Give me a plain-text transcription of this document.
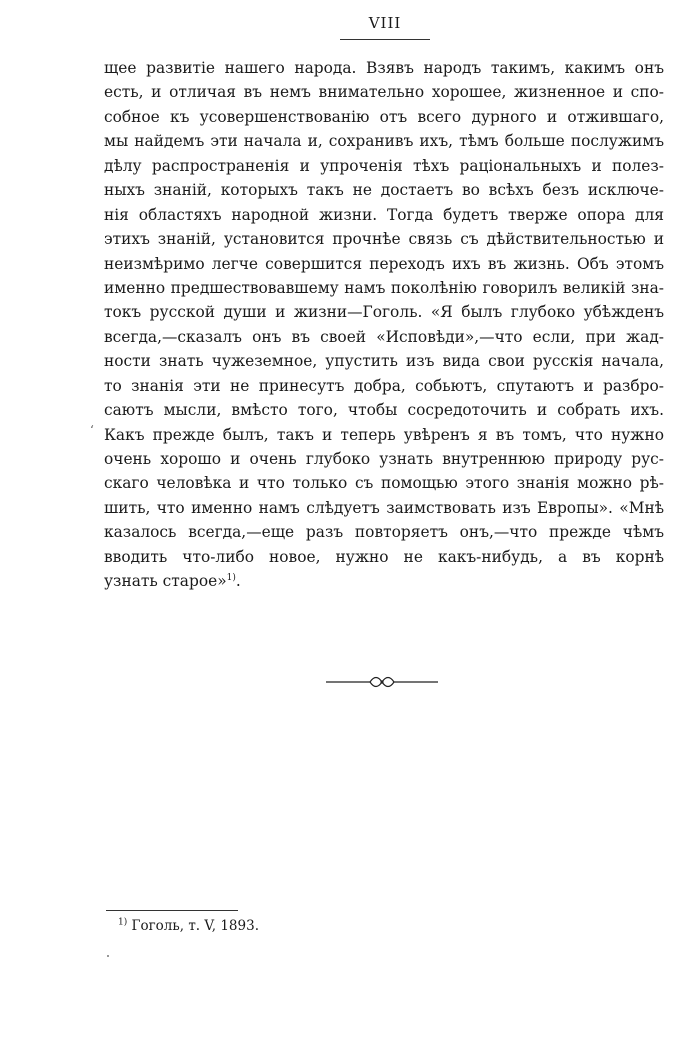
VIII
‘
щее развитіе нашего народа. Взявъ народъ такимъ, какимъ онъ
есть, и отличая въ немъ внимательно хорошее, жизненное и спо-
собное къ усовершенствованію отъ всего дурного и отжившаго,
мы найдемъ эти начала и, сохранивъ ихъ, тѣмъ больше послужимъ
дѣлу распространенія и упроченія тѣхъ раціональныхъ и полез-
ныхъ знаній, которыхъ такъ не достаетъ во всѣхъ безъ исключе-
нія областяхъ народной жизни. Тогда будетъ тверже опора для
этихъ знаній, установится прочнѣе связь съ дѣйствительностью и
неизмѣримо легче совершится переходъ ихъ въ жизнь. Объ этомъ
именно предшествовавшему намъ поколѣнію говорилъ великій зна-
токъ русской души и жизни—Гоголь. «Я былъ глубоко убѣжденъ
всегда,—сказалъ онъ въ своей «Исповѣди»,—что если, при жад-
ности знать чужеземное, упустить изъ вида свои русскія начала,
то знанія эти не принесутъ добра, собьютъ, спутаютъ и разбро-
саютъ мысли, вмѣсто того, чтобы сосредоточить и собрать ихъ.
Какъ прежде былъ, такъ и теперь увѣренъ я въ томъ, что нужно
очень хорошо и очень глубоко узнать внутреннюю природу рус-
скаго человѣка и что только съ помощью этого знанія можно рѣ-
шить, что именно намъ слѣдуетъ заимствовать изъ Европы». «Мнѣ
казалось всегда,—еще разъ повторяетъ онъ,—что прежде чѣмъ
вводить что-либо новое, нужно не какъ-нибудь, а въ корнѣ
узнать старое»$^{1)}$.
$^{1)}$ Гоголь, т. V, 1893.
